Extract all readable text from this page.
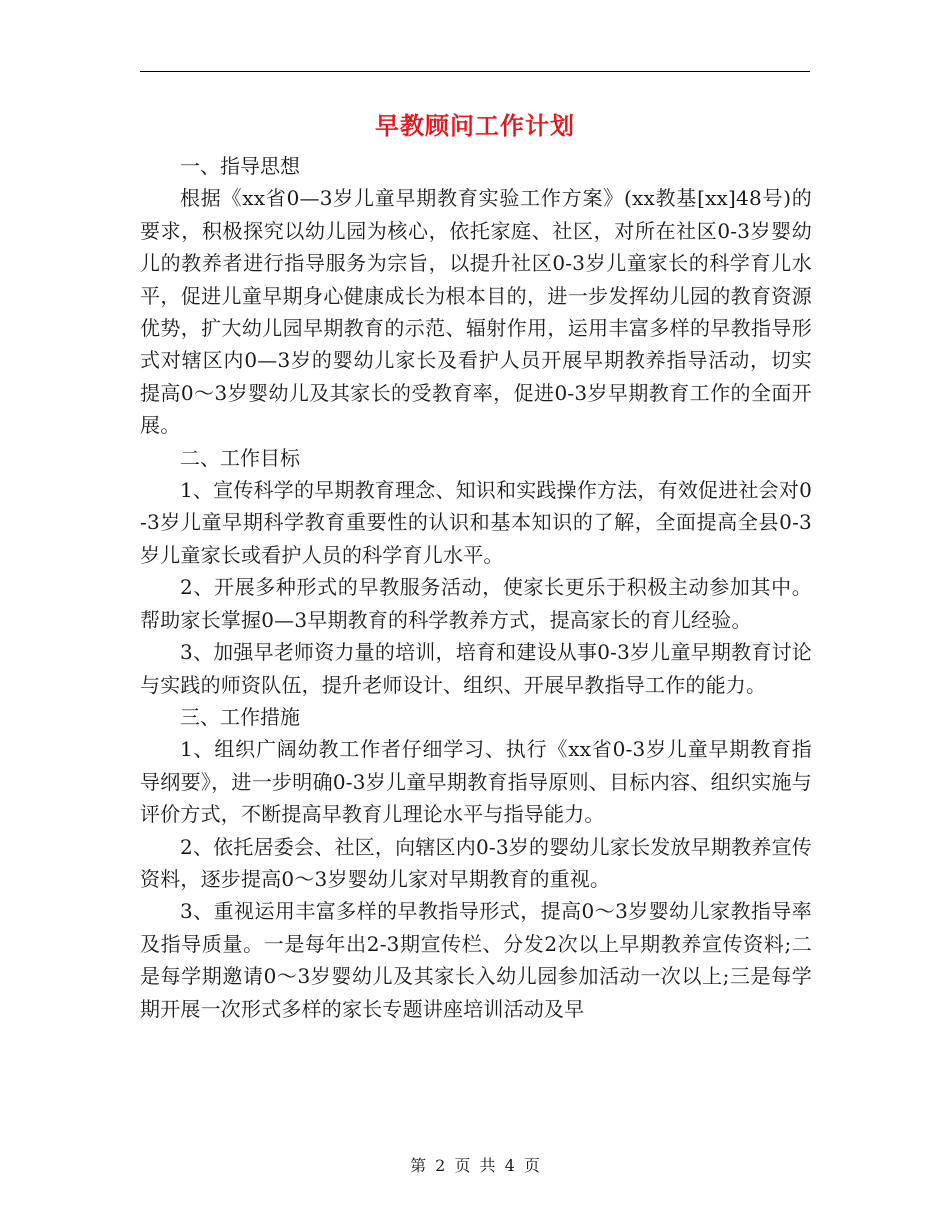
早教顾问工作计划

一、指导思想

根据《xx省0—3岁儿童早期教育实验工作方案》(xx教基[xx]48号)的要求，积极探究以幼儿园为核心，依托家庭、社区，对所在社区0-3岁婴幼儿的教养者进行指导服务为宗旨，以提升社区0-3岁儿童家长的科学育儿水平，促进儿童早期身心健康成长为根本目的，进一步发挥幼儿园的教育资源优势，扩大幼儿园早期教育的示范、辐射作用，运用丰富多样的早教指导形式对辖区内0—3岁的婴幼儿家长及看护人员开展早期教养指导活动，切实提高0～3岁婴幼儿及其家长的受教育率，促进0-3岁早期教育工作的全面开展。

二、工作目标

1、宣传科学的早期教育理念、知识和实践操作方法，有效促进社会对0-3岁儿童早期科学教育重要性的认识和基本知识的了解，全面提高全县0-3岁儿童家长或看护人员的科学育儿水平。

2、开展多种形式的早教服务活动，使家长更乐于积极主动参加其中。帮助家长掌握0—3早期教育的科学教养方式，提高家长的育儿经验。

3、加强早老师资力量的培训，培育和建设从事0-3岁儿童早期教育讨论与实践的师资队伍，提升老师设计、组织、开展早教指导工作的能力。

三、工作措施

1、组织广阔幼教工作者仔细学习、执行《xx省0-3岁儿童早期教育指导纲要》，进一步明确0-3岁儿童早期教育指导原则、目标内容、组织实施与评价方式，不断提高早教育儿理论水平与指导能力。

2、依托居委会、社区，向辖区内0-3岁的婴幼儿家长发放早期教养宣传资料，逐步提高0～3岁婴幼儿家对早期教育的重视。

3、重视运用丰富多样的早教指导形式，提高0～3岁婴幼儿家教指导率及指导质量。一是每年出2-3期宣传栏、分发2次以上早期教养宣传资料;二是每学期邀请0～3岁婴幼儿及其家长入幼儿园参加活动一次以上;三是每学期开展一次形式多样的家长专题讲座培训活动及早

第 2 页 共 4 页
